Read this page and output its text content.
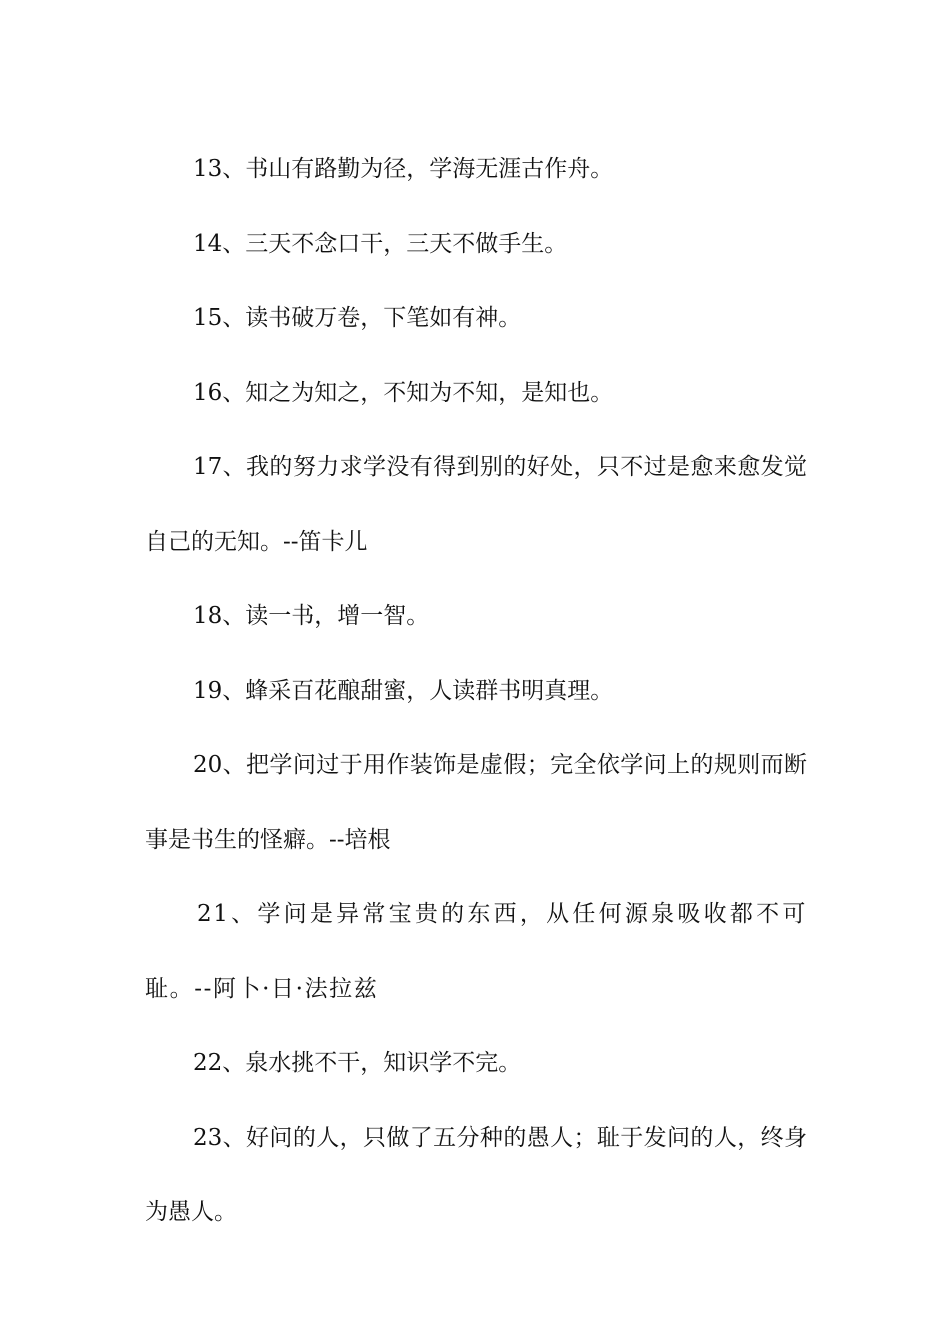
13、书山有路勤为径，学海无涯古作舟。

14、三天不念口干，三天不做手生。

15、读书破万卷，下笔如有神。

16、知之为知之，不知为不知，是知也。

17、我的努力求学没有得到别的好处，只不过是愈来愈发觉自己的无知。--笛卡儿

18、读一书，增一智。

19、蜂采百花酿甜蜜，人读群书明真理。

20、把学问过于用作装饰是虚假；完全依学问上的规则而断事是书生的怪癖。--培根

21、学问是异常宝贵的东西，从任何源泉吸收都不可耻。--阿卜·日·法拉兹

22、泉水挑不干，知识学不完。

23、好问的人，只做了五分种的愚人；耻于发问的人，终身为愚人。
